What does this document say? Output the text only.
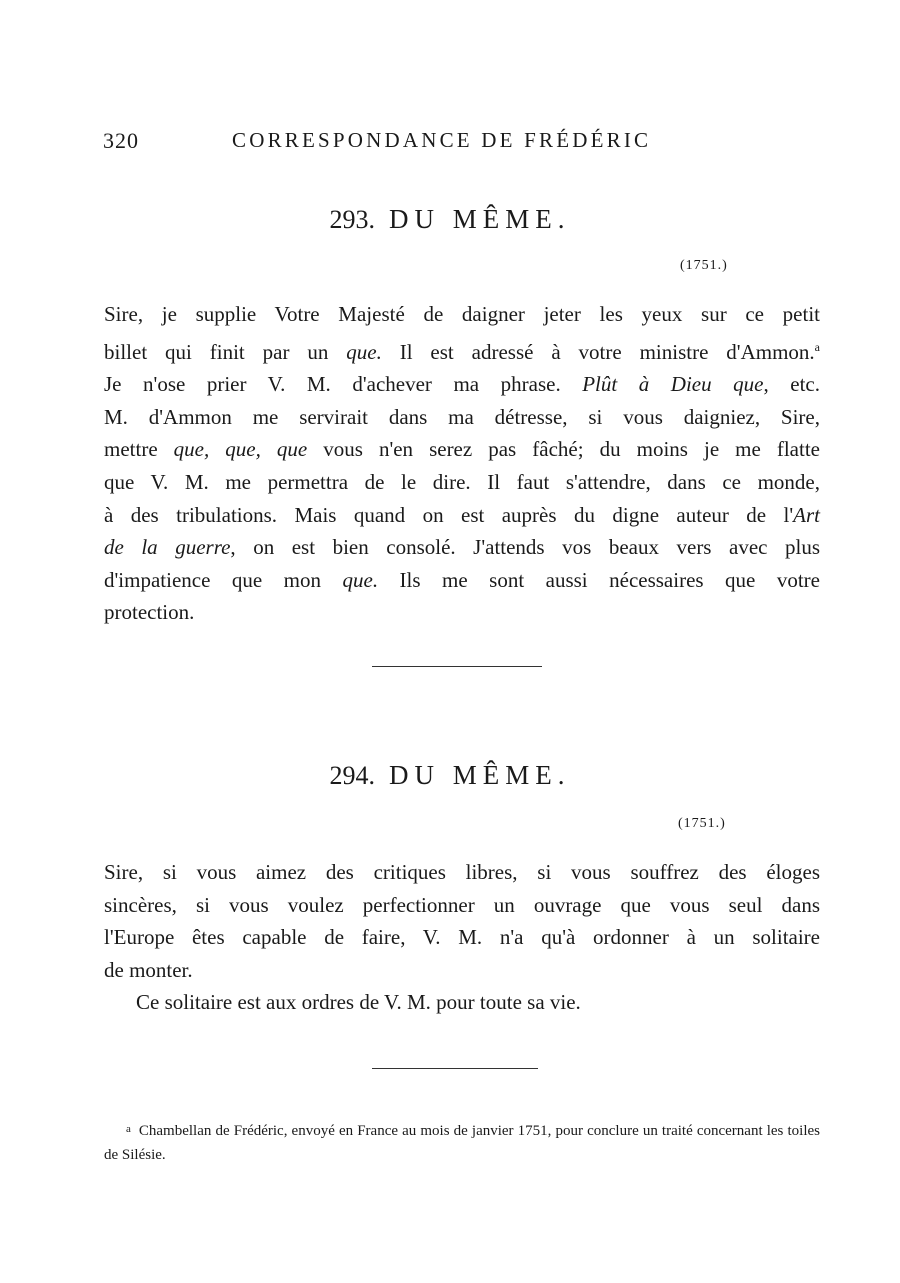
320	CORRESPONDANCE DE FRÉDÉRIC
293. DU MÊME.
(1751.)
Sire, je supplie Votre Majesté de daigner jeter les yeux sur ce petit
billet qui finit par un que. Il est adressé à votre ministre d'Ammon.$^a$
Je n'ose prier V. M. d'achever ma phrase. Plût à Dieu que, etc.
M. d'Ammon me servirait dans ma détresse, si vous daigniez, Sire,
mettre que, que, que vous n'en serez pas fâché; du moins je me flatte
que V. M. me permettra de le dire. Il faut s'attendre, dans ce monde,
à des tribulations. Mais quand on est auprès du digne auteur de l'Art
de la guerre, on est bien consolé. J'attends vos beaux vers avec plus
d'impatience que mon que. Ils me sont aussi nécessaires que votre
protection.
294. DU MÊME.
(1751.)
Sire, si vous aimez des critiques libres, si vous souffrez des éloges
sincères, si vous voulez perfectionner un ouvrage que vous seul dans
l'Europe êtes capable de faire, V. M. n'a qu'à ordonner à un solitaire
de monter.
Ce solitaire est aux ordres de V. M. pour toute sa vie.
$^a$ Chambellan de Frédéric, envoyé en France au mois de janvier 1751, pour conclure un traité concernant les toiles de Silésie.
